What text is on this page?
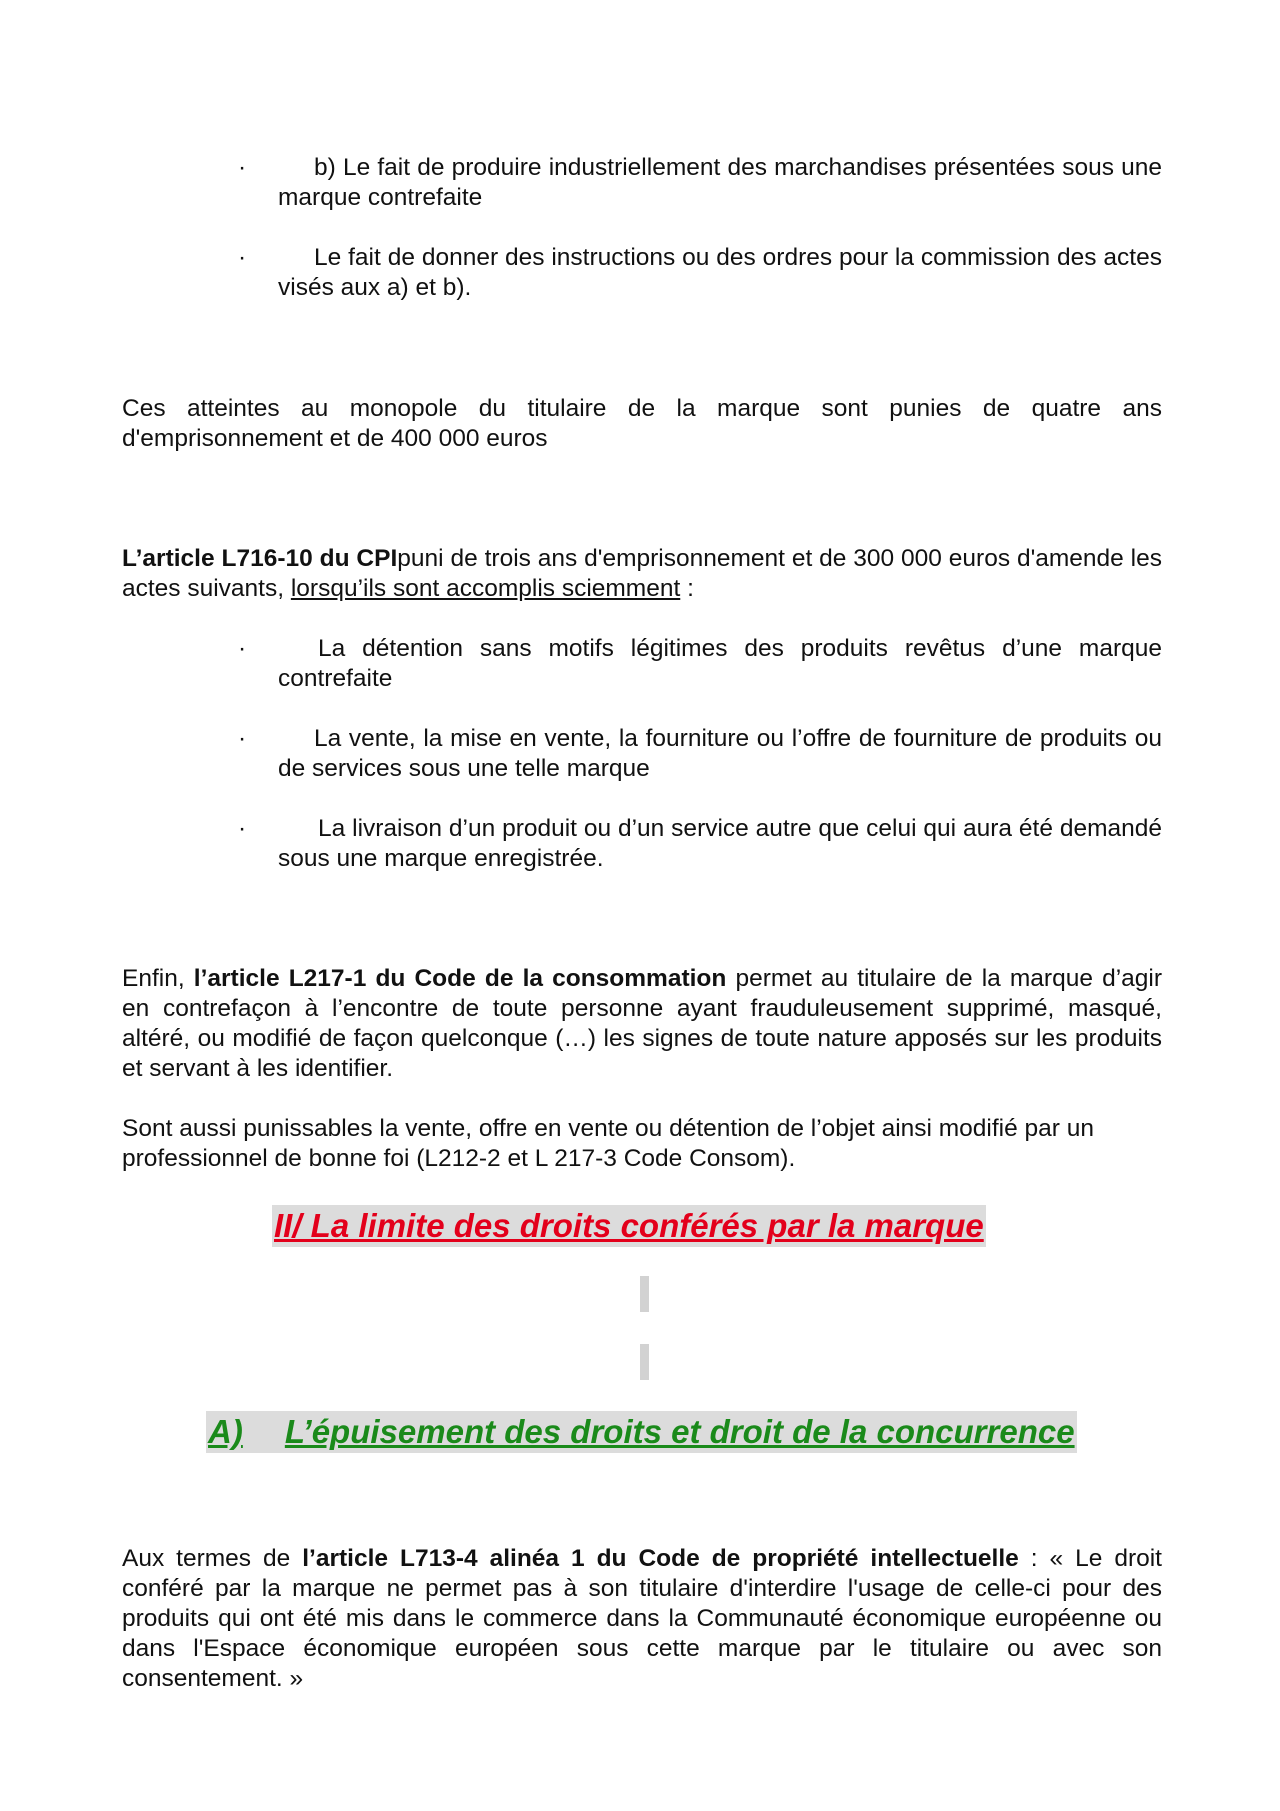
·	b) Le fait de produire industriellement des marchandises présentées sous une marque contrefaite
·	Le fait de donner des instructions ou des ordres pour la commission des actes visés aux a) et b).

Ces atteintes au monopole du titulaire de la marque sont punies de quatre ans d'emprisonnement et de 400 000 euros

L’article L716-10 du CPIpuni de trois ans d'emprisonnement et de 300 000 euros d'amende les actes suivants, lorsqu’ils sont accomplis sciemment :

·	La détention sans motifs légitimes des produits revêtus d’une marque contrefaite
·	La vente, la mise en vente, la fourniture ou l’offre de fourniture de produits ou de services sous une telle marque
·	La livraison d’un produit ou d’un service autre que celui qui aura été demandé sous une marque enregistrée.

Enfin, l’article L217-1 du Code de la consommation permet au titulaire de la marque d’agir en contrefaçon à l’encontre de toute personne ayant frauduleusement supprimé, masqué, altéré, ou modifié de façon quelconque (…) les signes de toute nature apposés sur les produits et servant à les identifier.

Sont aussi punissables la vente, offre en vente ou détention de l’objet ainsi modifié par un professionnel de bonne foi (L212-2 et L 217-3 Code Consom).

II/ La limite des droits conférés par la marque
A) L’épuisement des droits et droit de la concurrence

Aux termes de l’article L713-4 alinéa 1 du Code de propriété intellectuelle : « Le droit conféré par la marque ne permet pas à son titulaire d'interdire l'usage de celle-ci pour des produits qui ont été mis dans le commerce dans la Communauté économique européenne ou dans l'Espace économique européen sous cette marque par le titulaire ou avec son consentement. »
